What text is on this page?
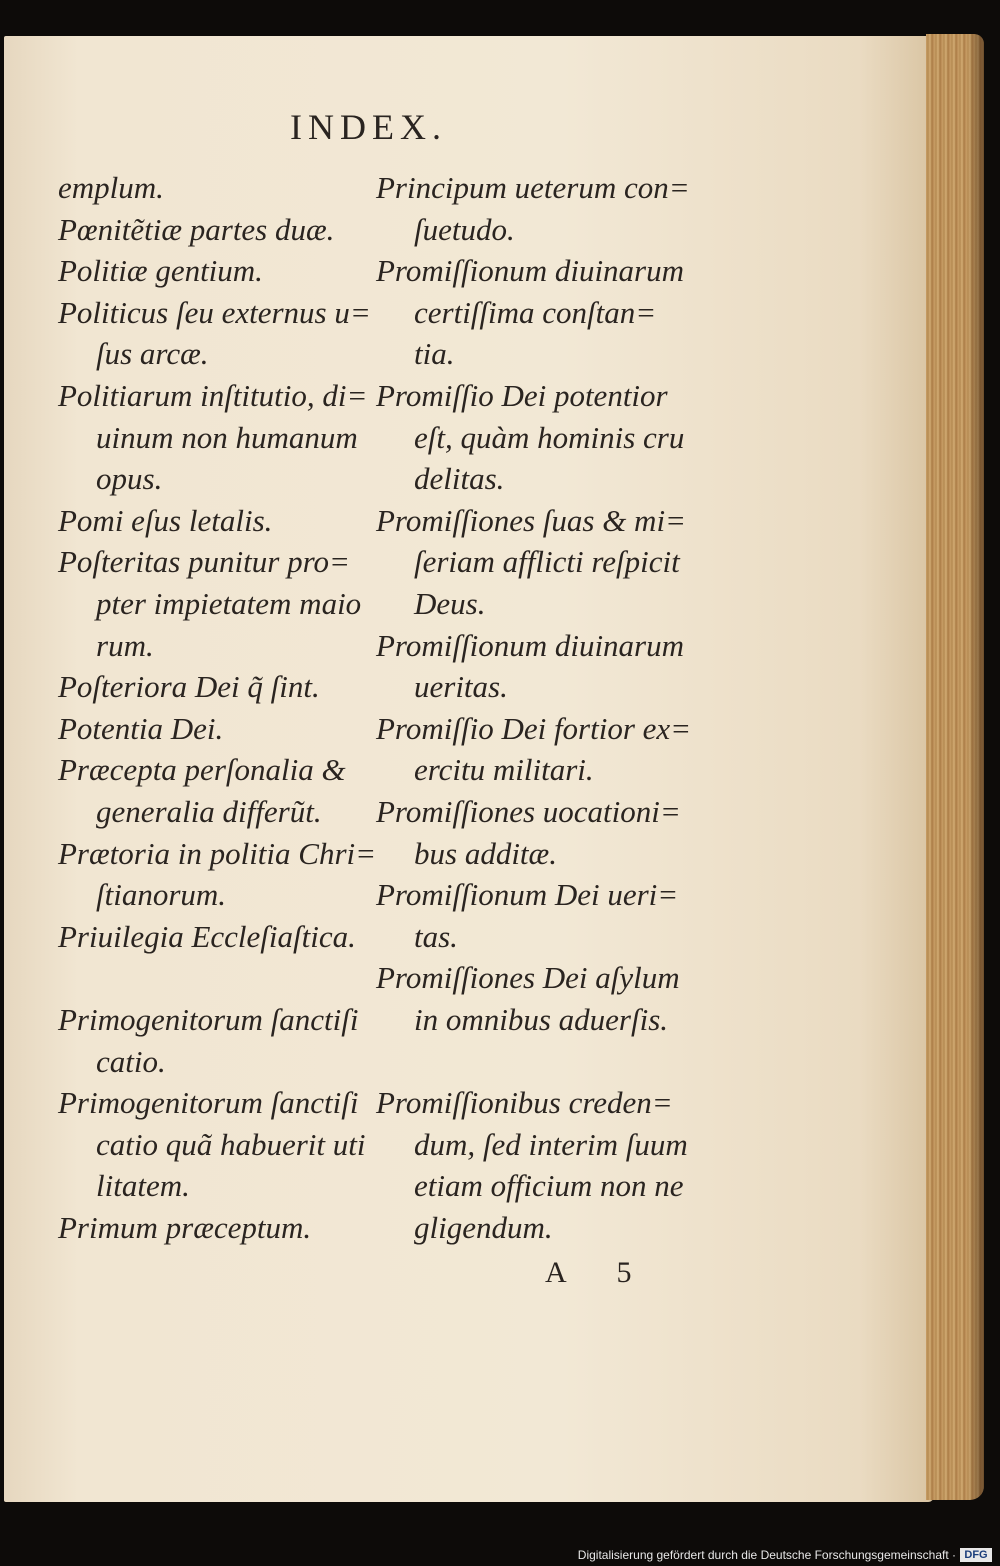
INDEX.
emplum.
Pœnitẽtiæ partes duæ.
Politiæ gentium.
Politicus ſeu externus u=
ſus arcæ.
Politiarum inſtitutio, di=
uinum non humanum
opus.
Pomi eſus letalis.
Poſteritas punitur pro=
pter impietatem maio
rum.
Poſteriora Dei q̃ ſint.
Potentia Dei.
Præcepta perſonalia &
generalia differũt.
Prætoria in politia Chri=
ſtianorum.
Priuilegia Eccleſiaſtica.
Primogenitorum ſanctiſi
catio.
Primogenitorum ſanctiſi
catio quã habuerit uti
litatem.
Primum præceptum.
Principum ueterum con=
ſuetudo.
Promiſſionum diuinarum
certiſſima conſtan=
tia.
Promiſſio Dei potentior
eſt, quàm hominis cru
delitas.
Promiſſiones ſuas & mi=
ſeriam afflicti reſpicit
Deus.
Promiſſionum diuinarum
ueritas.
Promiſſio Dei fortior ex=
ercitu militari.
Promiſſiones uocationi=
bus additæ.
Promiſſionum Dei ueri=
tas.
Promiſſiones Dei aſylum
in omnibus aduerſis.
Promiſſionibus creden=
dum, ſed interim ſuum
etiam officium non ne
gligendum.
A 5
Digitalisierung gefördert durch die Deutsche Forschungsgemeinschaft · DFG
